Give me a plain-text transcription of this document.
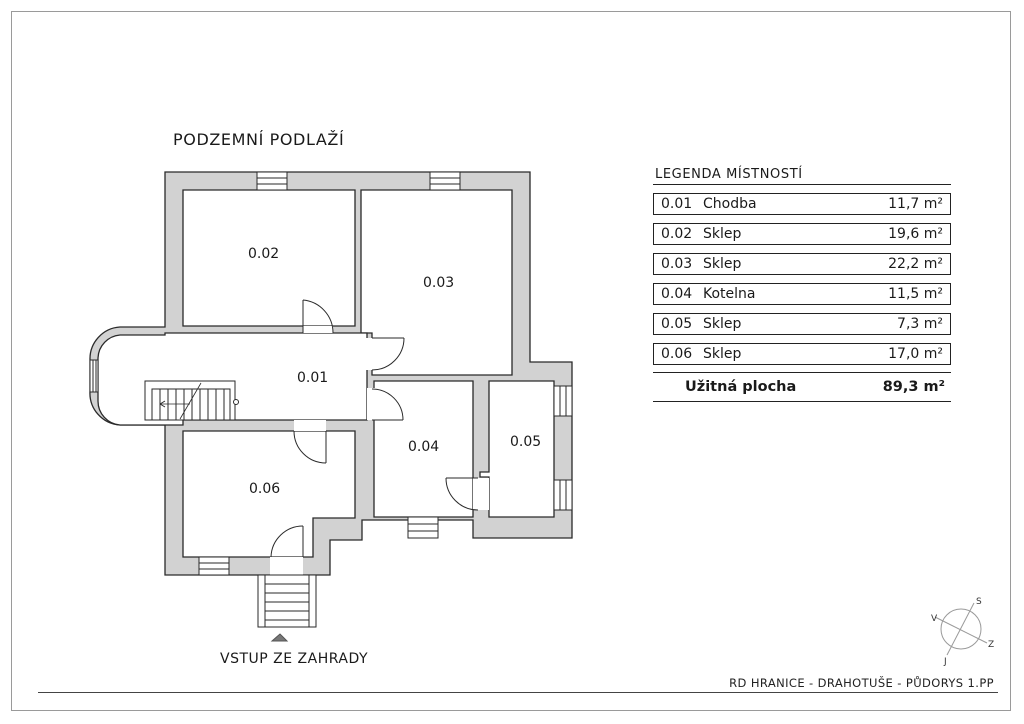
PODZEMNÍ PODLAŽÍ
0.02
0.03
0.01
0.04	0.05
0.06
S
V
Z
J
VSTUP ZE ZAHRADY
LEGENDA MÍSTNOSTÍ
0.01 Chodba	11,7 m²
0.02 Sklep	19,6 m²
0.03 Sklep	22,2 m²
0.04 Kotelna	11,5 m²
0.05 Sklep	7,3 m²
0.06 Sklep	17,0 m²
Užitná plocha	89,3 m²
RD HRANICE - DRAHOTUŠE - PŮDORYS 1.PP
